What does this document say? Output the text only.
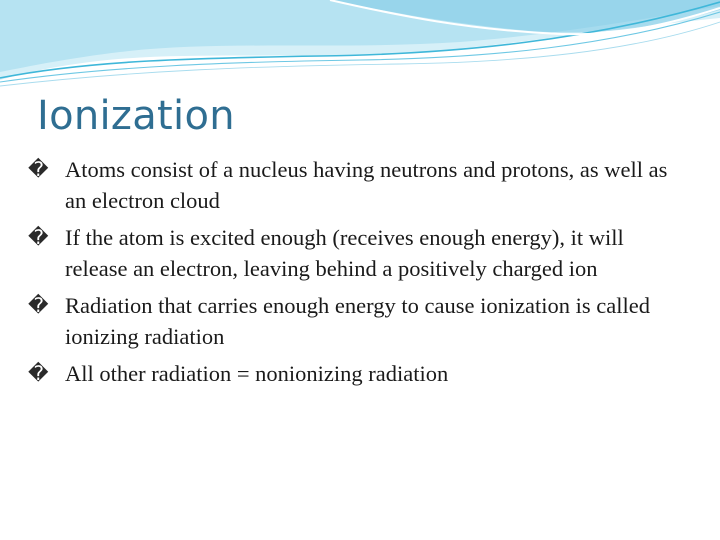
Ionization
� Atoms consist of a nucleus having neutrons and protons, as well as an electron cloud
� If the atom is excited enough (receives enough energy), it will release an electron, leaving behind a positively charged ion
� Radiation that carries enough energy to cause ionization is called ionizing radiation
� All other radiation = nonionizing radiation
